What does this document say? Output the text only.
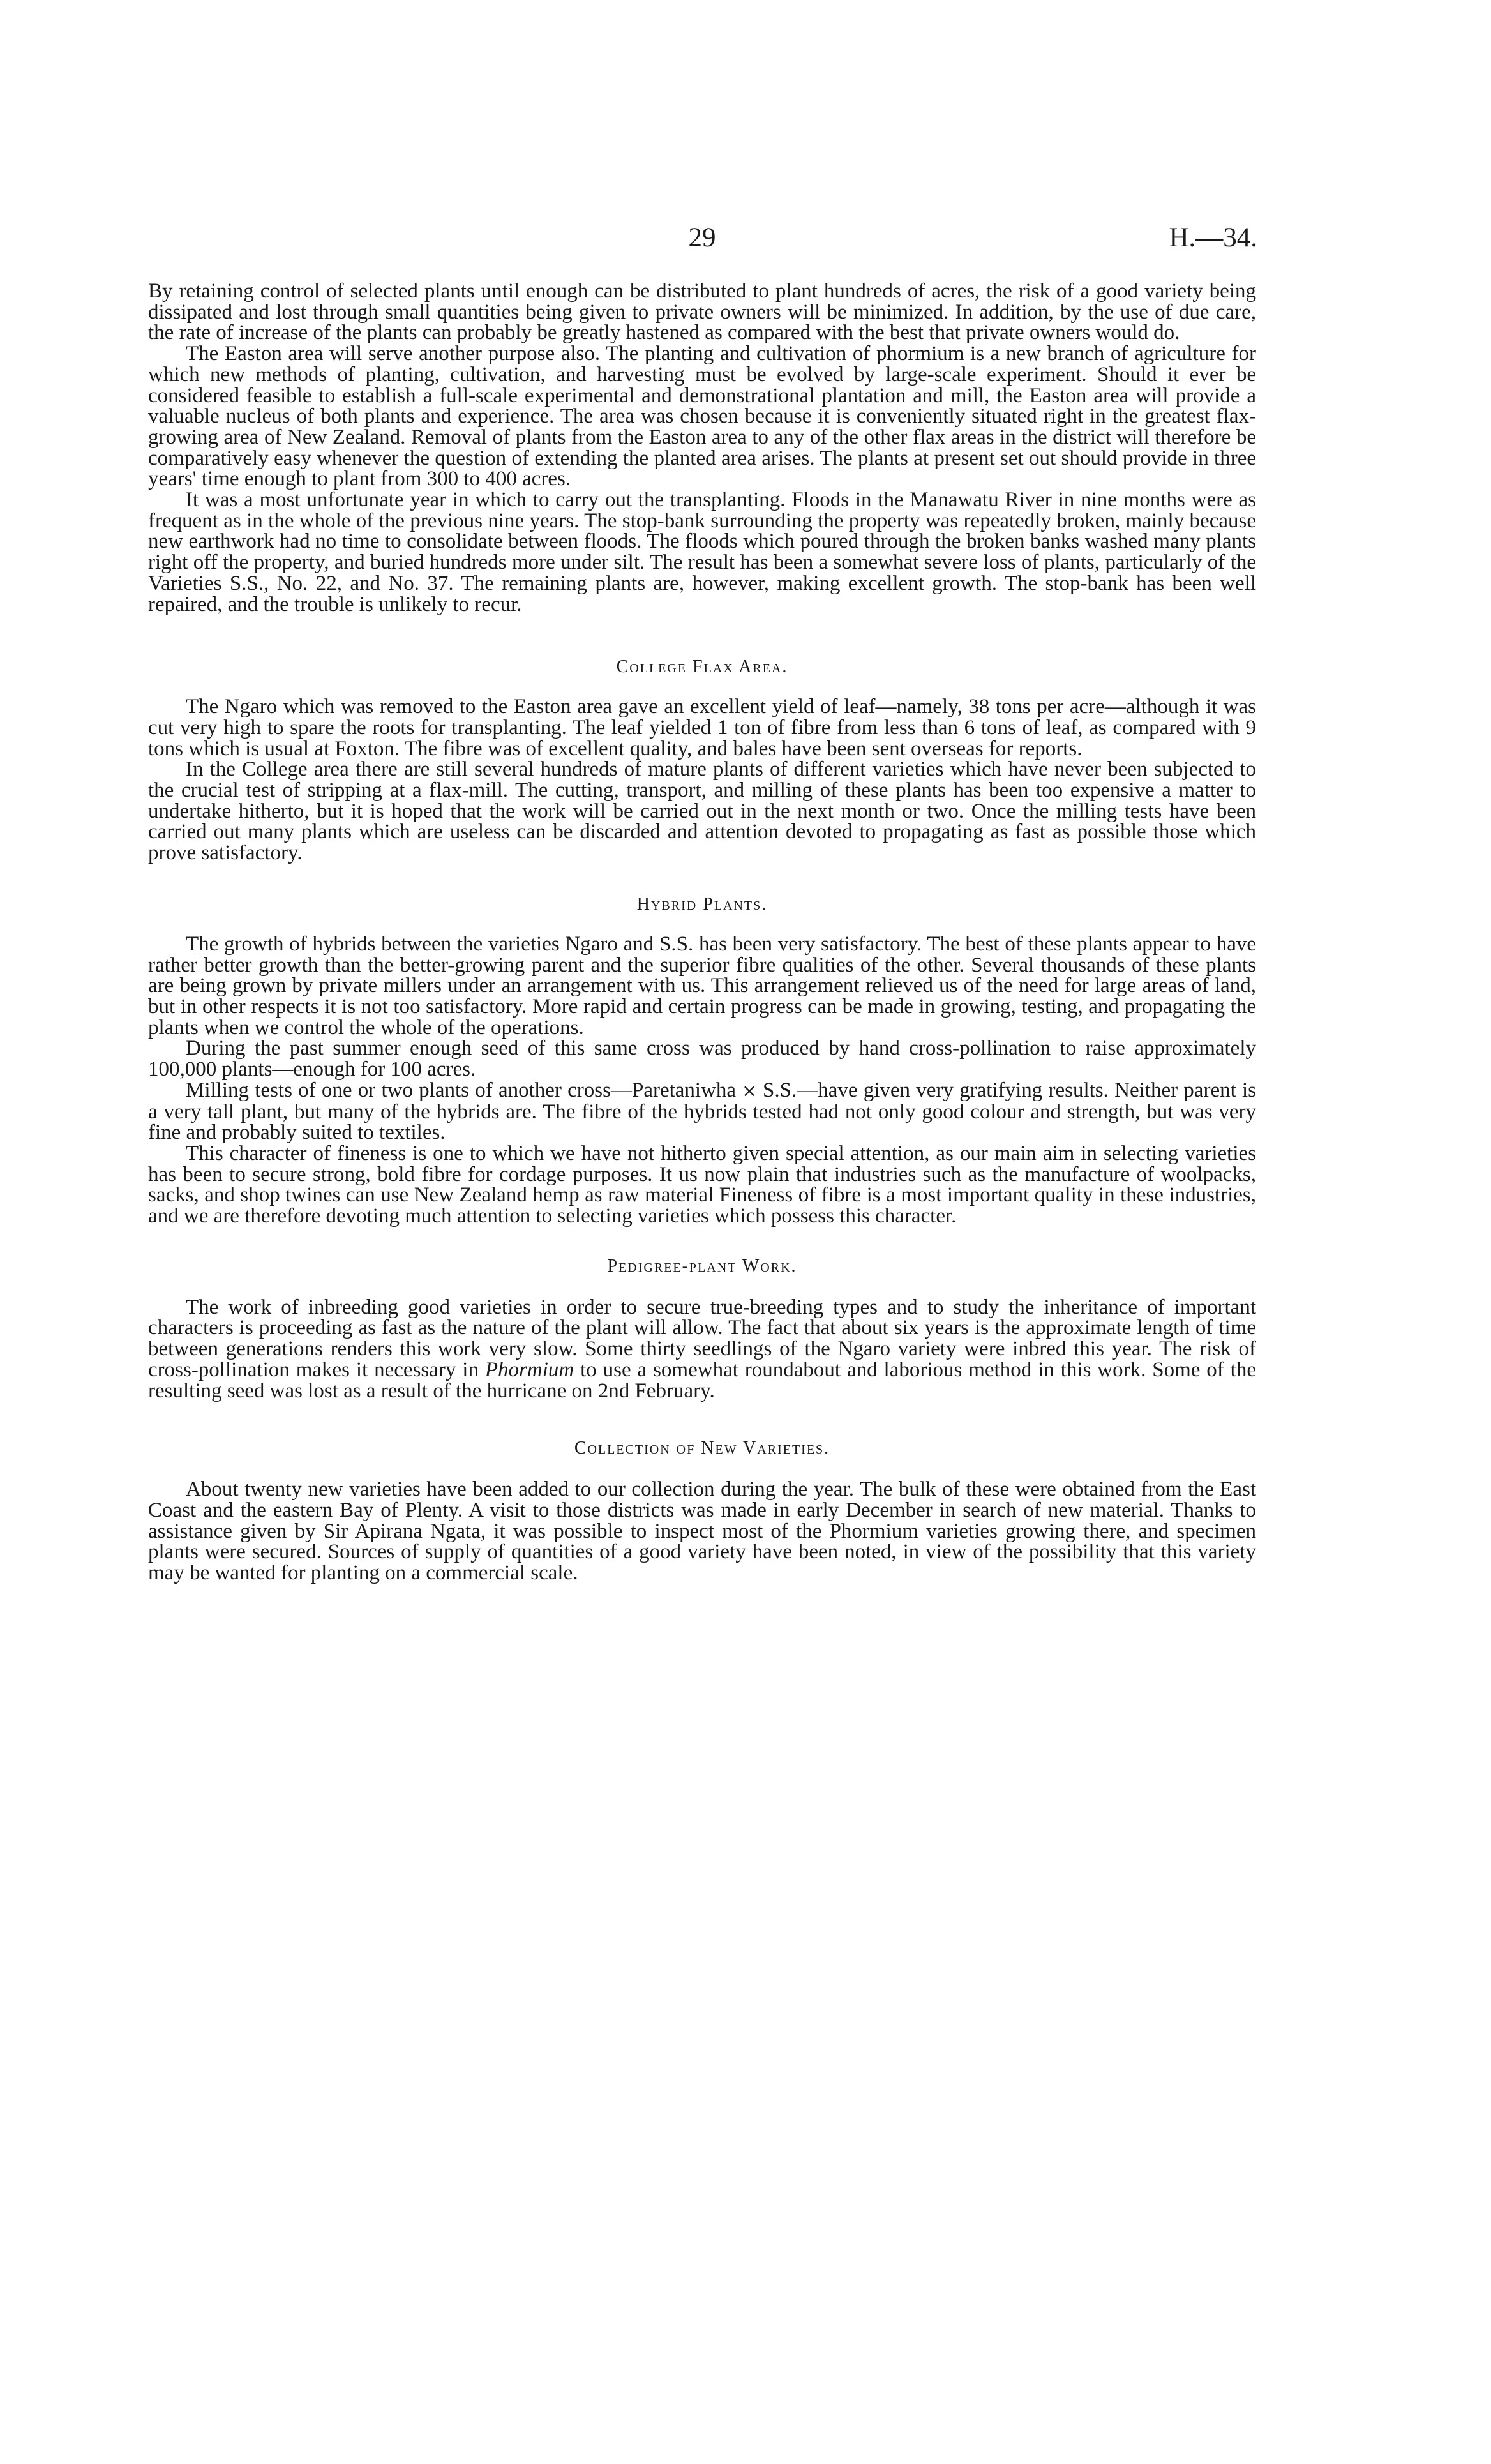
29	H.—34.

By retaining control of selected plants until enough can be distributed to plant hundreds of acres, the risk of a good variety being dissipated and lost through small quantities being given to private owners will be minimized. In addition, by the use of due care, the rate of increase of the plants can probably be greatly hastened as compared with the best that private owners would do.

The Easton area will serve another purpose also. The planting and cultivation of phormium is a new branch of agriculture for which new methods of planting, cultivation, and harvesting must be evolved by large-scale experiment. Should it ever be considered feasible to establish a full-scale experimental and demonstrational plantation and mill, the Easton area will provide a valuable nucleus of both plants and experience. The area was chosen because it is conveniently situated right in the greatest flax-growing area of New Zealand. Removal of plants from the Easton area to any of the other flax areas in the district will therefore be comparatively easy whenever the question of extending the planted area arises. The plants at present set out should provide in three years' time enough to plant from 300 to 400 acres.

It was a most unfortunate year in which to carry out the transplanting. Floods in the Manawatu River in nine months were as frequent as in the whole of the previous nine years. The stop-bank surrounding the property was repeatedly broken, mainly because new earthwork had no time to consolidate between floods. The floods which poured through the broken banks washed many plants right off the property, and buried hundreds more under silt. The result has been a somewhat severe loss of plants, particularly of the Varieties S.S., No. 22, and No. 37. The remaining plants are, however, making excellent growth. The stop-bank has been well repaired, and the trouble is unlikely to recur.

College Flax Area.

The Ngaro which was removed to the Easton area gave an excellent yield of leaf—namely, 38 tons per acre—although it was cut very high to spare the roots for transplanting. The leaf yielded 1 ton of fibre from less than 6 tons of leaf, as compared with 9 tons which is usual at Foxton. The fibre was of excellent quality, and bales have been sent overseas for reports.

In the College area there are still several hundreds of mature plants of different varieties which have never been subjected to the crucial test of stripping at a flax-mill. The cutting, transport, and milling of these plants has been too expensive a matter to undertake hitherto, but it is hoped that the work will be carried out in the next month or two. Once the milling tests have been carried out many plants which are useless can be discarded and attention devoted to propagating as fast as possible those which prove satisfactory.

Hybrid Plants.

The growth of hybrids between the varieties Ngaro and S.S. has been very satisfactory. The best of these plants appear to have rather better growth than the better-growing parent and the superior fibre qualities of the other. Several thousands of these plants are being grown by private millers under an arrangement with us. This arrangement relieved us of the need for large areas of land, but in other respects it is not too satisfactory. More rapid and certain progress can be made in growing, testing, and propagating the plants when we control the whole of the operations.

During the past summer enough seed of this same cross was produced by hand cross-pollination to raise approximately 100,000 plants—enough for 100 acres.

Milling tests of one or two plants of another cross—Paretaniwha × S.S.—have given very gratifying results. Neither parent is a very tall plant, but many of the hybrids are. The fibre of the hybrids tested had not only good colour and strength, but was very fine and probably suited to textiles.

This character of fineness is one to which we have not hitherto given special attention, as our main aim in selecting varieties has been to secure strong, bold fibre for cordage purposes. It us now plain that industries such as the manufacture of woolpacks, sacks, and shop twines can use New Zealand hemp as raw material Fineness of fibre is a most important quality in these industries, and we are therefore devoting much attention to selecting varieties which possess this character.

Pedigree-plant Work.

The work of inbreeding good varieties in order to secure true-breeding types and to study the inheritance of important characters is proceeding as fast as the nature of the plant will allow. The fact that about six years is the approximate length of time between generations renders this work very slow. Some thirty seedlings of the Ngaro variety were inbred this year. The risk of cross-pollination makes it necessary in Phormium to use a somewhat roundabout and laborious method in this work. Some of the resulting seed was lost as a result of the hurricane on 2nd February.

Collection of New Varieties.

About twenty new varieties have been added to our collection during the year. The bulk of these were obtained from the East Coast and the eastern Bay of Plenty. A visit to those districts was made in early December in search of new material. Thanks to assistance given by Sir Apirana Ngata, it was possible to inspect most of the Phormium varieties growing there, and specimen plants were secured. Sources of supply of quantities of a good variety have been noted, in view of the possibility that this variety may be wanted for planting on a commercial scale.
